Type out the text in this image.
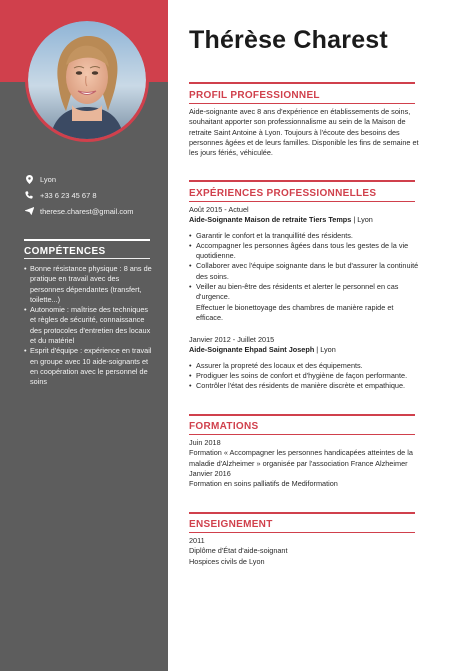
Lyon
+33 6 23 45 67 8
therese.charest@gmail.com
COMPÉTENCES
• Bonne résistance physique : 8 ans de pratique en travail avec des personnes dépendantes (transfert, toilette...)
• Autonomie : maîtrise des techniques et règles de sécurité, connaissance des protocoles d'entretien des locaux et du matériel
• Esprit d'équipe : expérience en travail en groupe avec 10 aide-soignants et en coopération avec le personnel de soins
Thérèse Charest
PROFIL PROFESSIONNEL
Aide-soignante avec 8 ans d'expérience en établissements de soins, souhaitant apporter son professionnalisme au sein de la Maison de retraite Saint Antoine à Lyon. Toujours à l'écoute des besoins des personnes âgées et de leurs familles. Disponible les fins de semaine et les jours fériés, véhiculée.
EXPÉRIENCES PROFESSIONNELLES
Août 2015 - Actuel
Aide-Soignante Maison de retraite Tiers Temps | Lyon
• Garantir le confort et la tranquillité des résidents.
• Accompagner les personnes âgées dans tous les gestes de la vie quotidienne.
• Collaborer avec l'équipe soignante dans le but d'assurer la continuité des soins.
• Veiller au bien-être des résidents et alerter le personnel en cas d'urgence.
Effectuer le bionettoyage des chambres de manière rapide et efficace.
Janvier 2012 - Juillet 2015
Aide-Soignante Ehpad Saint Joseph | Lyon
• Assurer la propreté des locaux et des équipements.
• Prodiguer les soins de confort et d'hygiène de façon performante.
• Contrôler l'état des résidents de manière discrète et empathique.
FORMATIONS
Juin 2018
Formation « Accompagner les personnes handicapées atteintes de la maladie d'Alzheimer » organisée par l'association France Alzheimer
Janvier 2016
Formation en soins palliatifs de Mediformation
ENSEIGNEMENT
2011
Diplôme d'État d'aide-soignant
Hospices civils de Lyon
